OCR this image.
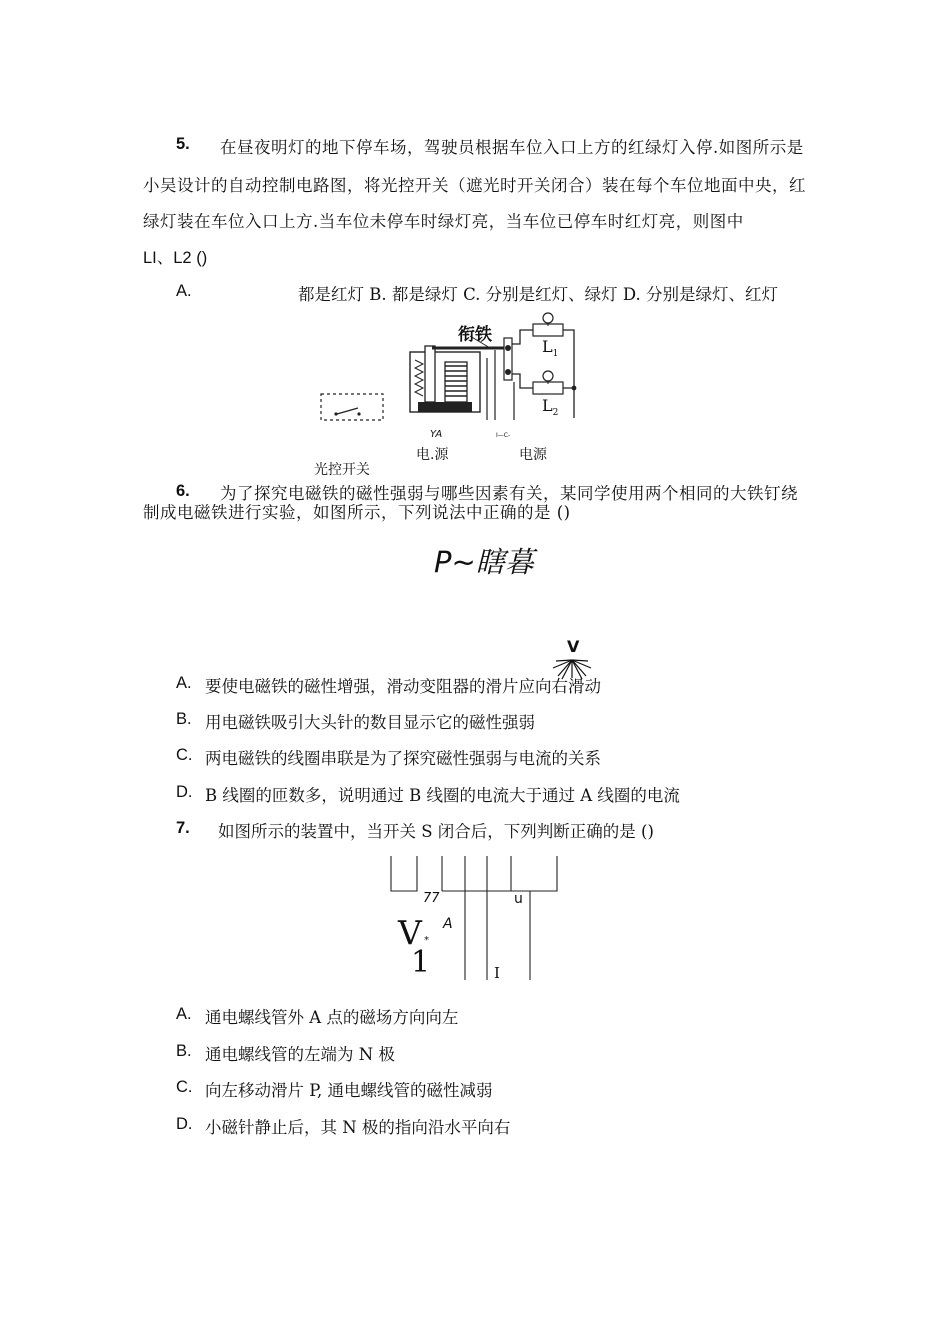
5. 在昼夜明灯的地下停车场，驾驶员根据车位入口上方的红绿灯入停.如图所示是
小吴设计的自动控制电路图，将光控开关（遮光时开关闭合）装在每个车位地面中央，红
绿灯装在车位入口上方.当车位未停车时绿灯亮，当车位已停车时红灯亮，则图中
LI、L2 ()
A.	都是红灯 B. 都是绿灯 C. 分别是红灯、绿灯 D. 分别是绿灯、红灯
衔铁
$L_1$
$L_2$
YA	I—C-
电.源	电源
光控开关
6. 为了探究电磁铁的磁性强弱与哪些因素有关，某同学使用两个相同的大铁钉绕
制成电磁铁进行实验，如图所示，下列说法中正确的是 ()
P~瞎暮
V
A. 要使电磁铁的磁性增强，滑动变阻器的滑片应向右滑动
B. 用电磁铁吸引大头针的数目显示它的磁性强弱
C. 两电磁铁的线圈串联是为了探究磁性强弱与电流的关系
D. B 线圈的匝数多，说明通过 B 线圈的电流大于通过 A 线圈的电流
7. 如图所示的装置中，当开关 S 闭合后，下列判断正确的是 ()
77	u
A
V *
1	I
A. 通电螺线管外 A 点的磁场方向向左
B. 通电螺线管的左端为 N 极
C. 向左移动滑片 P, 通电螺线管的磁性减弱
D. 小磁针静止后，其 N 极的指向沿水平向右
